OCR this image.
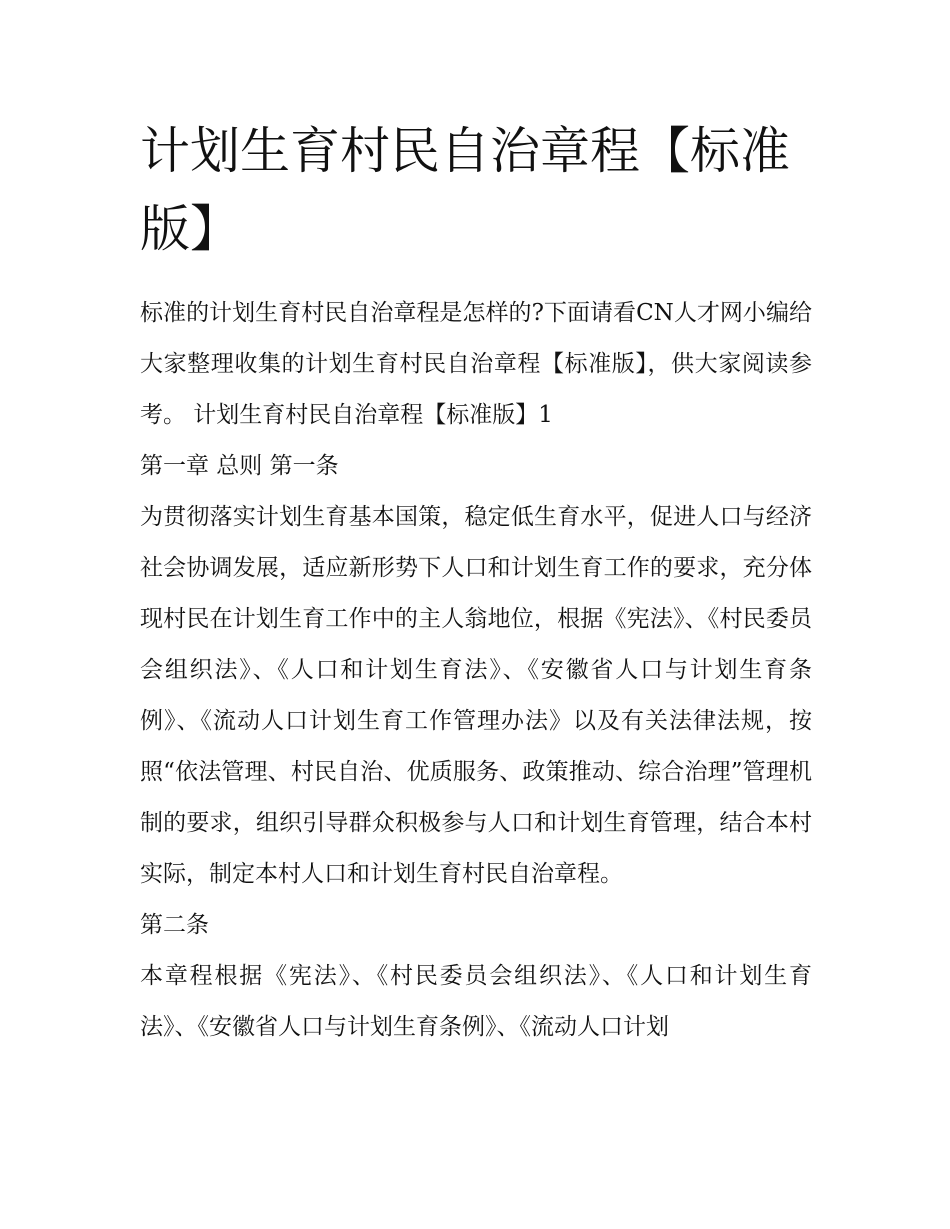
计划生育村民自治章程【标准版】

标准的计划生育村民自治章程是怎样的?下面请看CN人才网小编给大家整理收集的计划生育村民自治章程【标准版】，供大家阅读参考。 计划生育村民自治章程【标准版】1

第一章 总则 第一条

为贯彻落实计划生育基本国策，稳定低生育水平，促进人口与经济社会协调发展，适应新形势下人口和计划生育工作的要求，充分体现村民在计划生育工作中的主人翁地位，根据《宪法》、《村民委员会组织法》、《人口和计划生育法》、《安徽省人口与计划生育条例》、《流动人口计划生育工作管理办法》以及有关法律法规，按照“依法管理、村民自治、优质服务、政策推动、综合治理”管理机制的要求，组织引导群众积极参与人口和计划生育管理，结合本村实际，制定本村人口和计划生育村民自治章程。

第二条

本章程根据《宪法》、《村民委员会组织法》、《人口和计划生育法》、《安徽省人口与计划生育条例》、《流动人口计划
